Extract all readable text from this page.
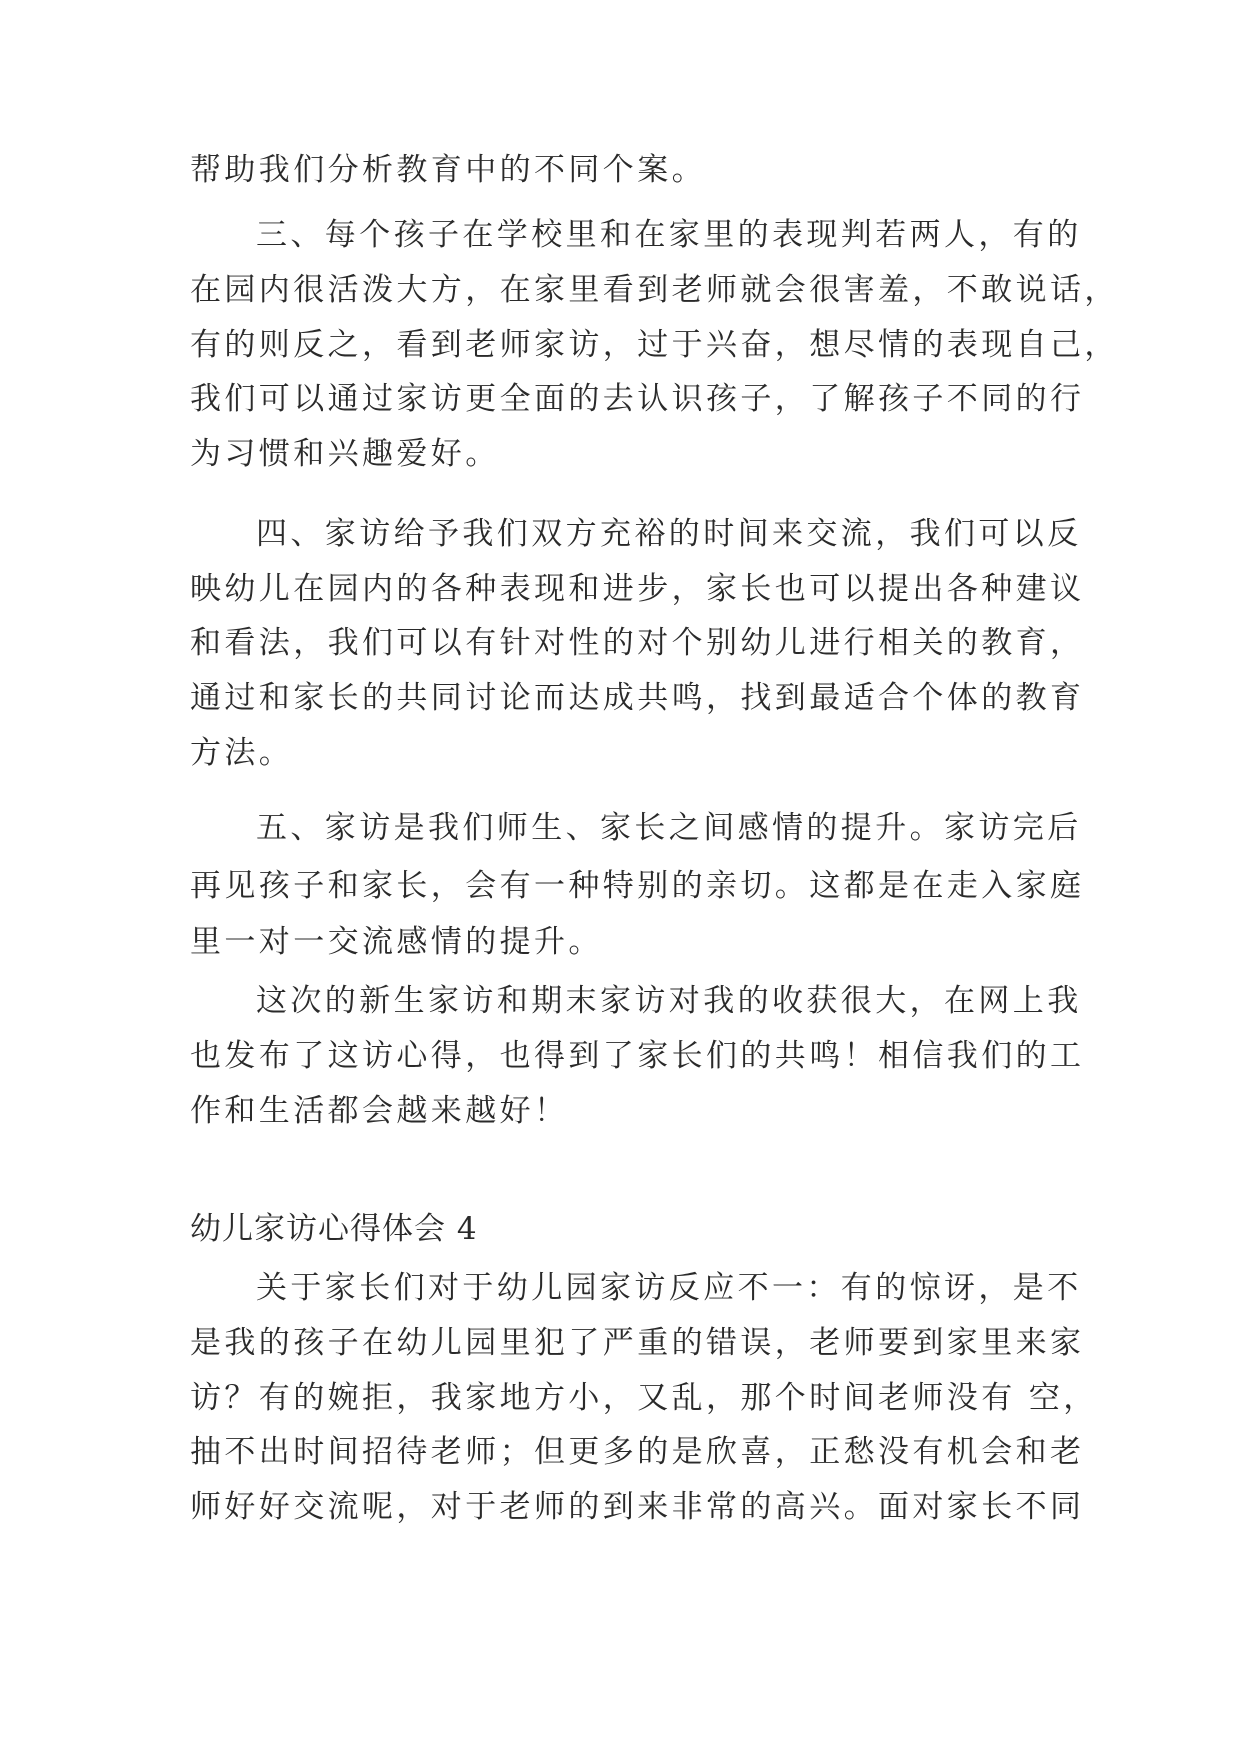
帮助我们分析教育中的不同个案。
三、每个孩子在学校里和在家里的表现判若两人，有的
在园内很活泼大方，在家里看到老师就会很害羞，不敢说话，
有的则反之，看到老师家访，过于兴奋，想尽情的表现自己，
我们可以通过家访更全面的去认识孩子，了解孩子不同的行
为习惯和兴趣爱好。
四、家访给予我们双方充裕的时间来交流，我们可以反
映幼儿在园内的各种表现和进步，家长也可以提出各种建议
和看法，我们可以有针对性的对个别幼儿进行相关的教育，
通过和家长的共同讨论而达成共鸣，找到最适合个体的教育
方法。
五、家访是我们师生、家长之间感情的提升。家访完后
再见孩子和家长，会有一种特别的亲切。这都是在走入家庭
里一对一交流感情的提升。
这次的新生家访和期末家访对我的收获很大，在网上我
也发布了这访心得，也得到了家长们的共鸣！相信我们的工
作和生活都会越来越好！
幼儿家访心得体会 4
关于家长们对于幼儿园家访反应不一：有的惊讶，是不
是我的孩子在幼儿园里犯了严重的错误，老师要到家里来家
访？有的婉拒，我家地方小，又乱，那个时间老师没有 空，
抽不出时间招待老师；但更多的是欣喜，正愁没有机会和老
师好好交流呢，对于老师的到来非常的高兴。面对家长不同
